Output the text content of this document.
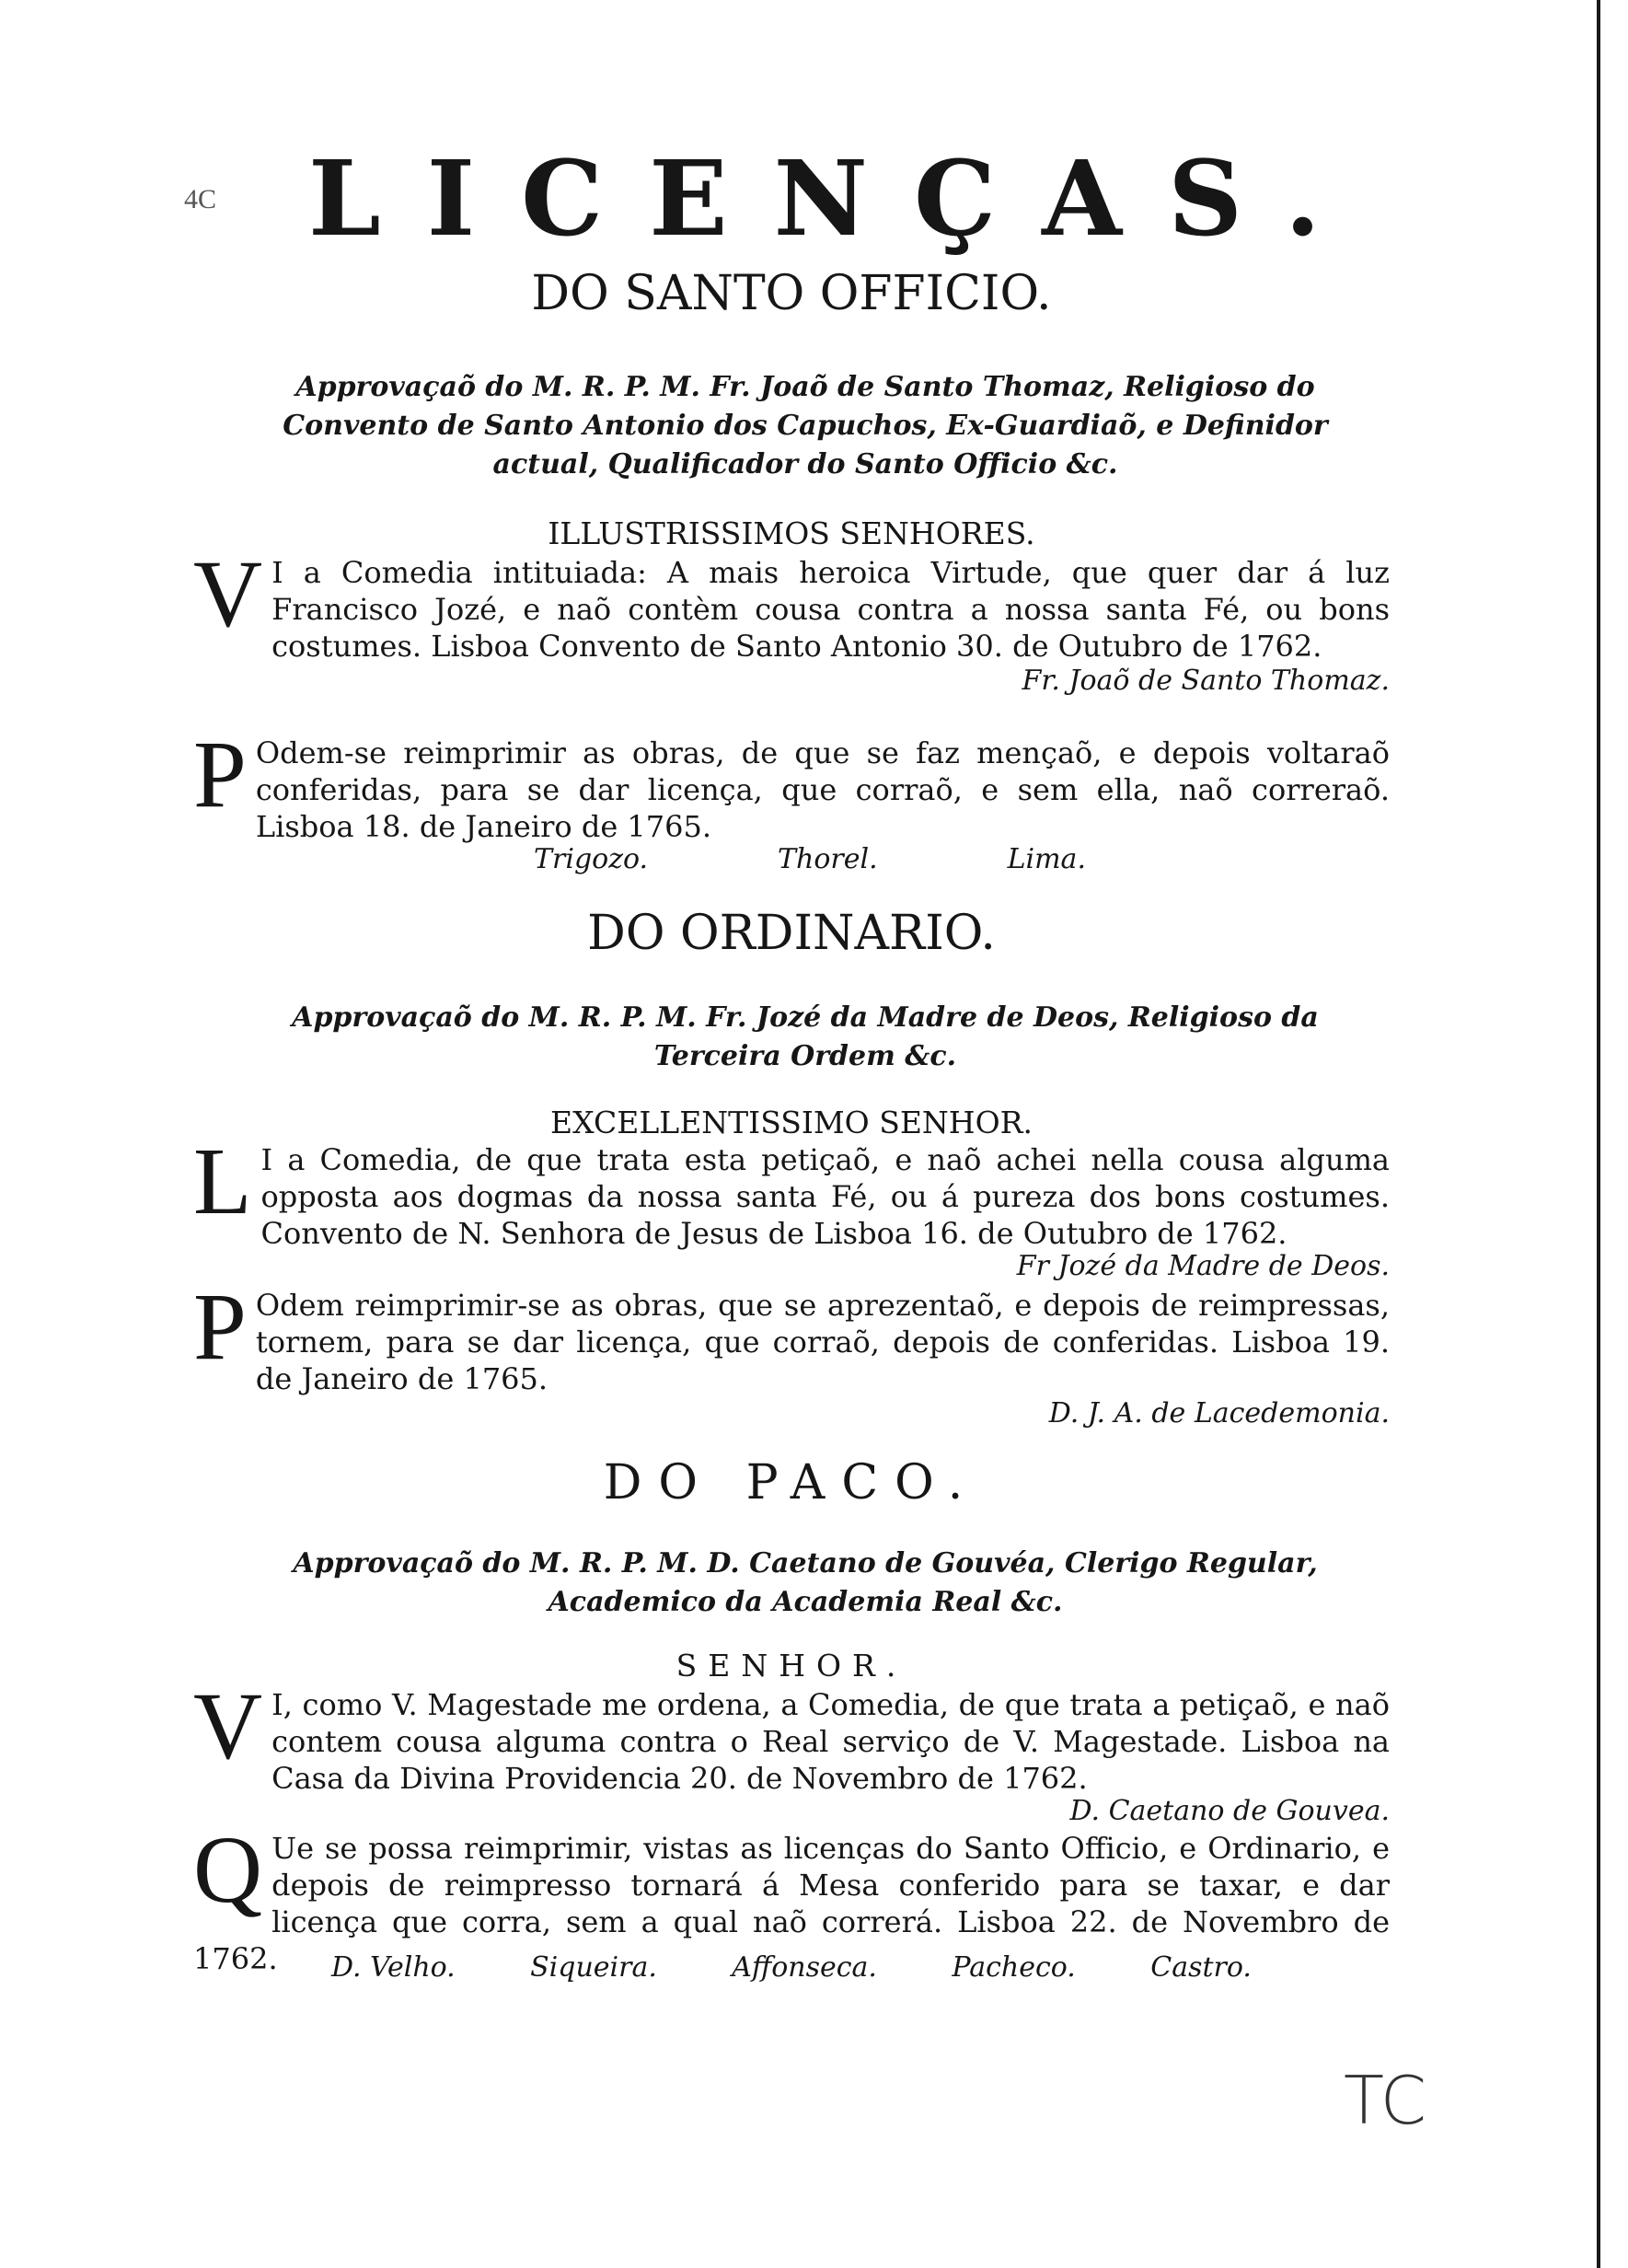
4C LICENÇAS.
DO SANTO OFFICIO.
Approvaçaõ do M. R. P. M. Fr. Joaõ de Santo Thomaz, Religioso do Convento de Santo Antonio dos Capuchos, Ex-Guardiaõ, e Definidor actual, Qualificador do Santo Officio &c.
ILLUSTRISSIMOS SENHORES.
V I a Comedia intituiada: A mais heroica Virtude, que quer dar á luz Francisco Jozé, e naõ contèm cousa contra a nossa santa Fé, ou bons costumes. Lisboa Convento de Santo Antonio 30. de Outubro de 1762.
Fr. Joaõ de Santo Thomaz.
P Odem-se reimprimir as obras, de que se faz mençaõ, e depois voltaraõ conferidas, para se dar licença, que corraõ, e sem ella, naõ correraõ. Lisboa 18. de Janeiro de 1765.
Trigozo.	Thorel.	Lima.
DO ORDINARIO.
Approvaçaõ do M. R. P. M. Fr. Jozé da Madre de Deos, Religioso da Terceira Ordem &c.
EXCELLENTISSIMO SENHOR.
L I a Comedia, de que trata esta petiçaõ, e naõ achei nella cousa alguma opposta aos dogmas da nossa santa Fé, ou á pureza dos bons costumes. Convento de N. Senhora de Jesus de Lisboa 16. de Outubro de 1762.
Fr Jozé da Madre de Deos.
P Odem reimprimir-se as obras, que se aprezentaõ, e depois de reimpressas, tornem, para se dar licença, que corraõ, depois de conferidas. Lisboa 19. de Janeiro de 1765.
D. J. A. de Lacedemonia.
DO PACO.
Approvaçaõ do M. R. P. M. D. Caetano de Gouvéa, Clerigo Regular, Academico da Academia Real &c.
SENHOR.
V I, como V. Magestade me ordena, a Comedia, de que trata a petiçaõ, e naõ contem cousa alguma contra o Real serviço de V. Magestade. Lisboa na Casa da Divina Providencia 20. de Novembro de 1762.
D. Caetano de Gouvea.
Q Ue se possa reimprimir, vistas as licenças do Santo Officio, e Ordinario, e depois de reimpresso tornará á Mesa conferido para se taxar, e dar licença que corra, sem a qual naõ correrá. Lisboa 22. de Novembro de 1762.	D. Velho.	Siqueira.	Affonseca.	Pacheco.	Castro.
TC
